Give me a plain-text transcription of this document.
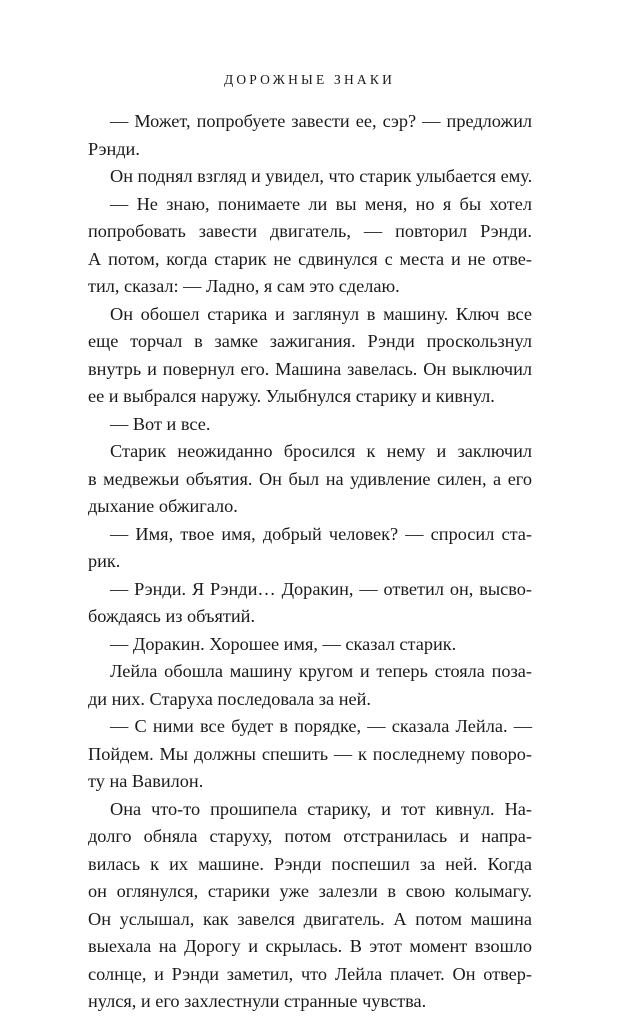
ДОРОЖНЫЕ ЗНАКИ
— Может, попробуете завести ее, сэр? — предложил
Рэнди.
Он поднял взгляд и увидел, что старик улыбается ему.
— Не знаю, понимаете ли вы меня, но я бы хотел
попробовать завести двигатель, — повторил Рэнди.
А потом, когда старик не сдвинулся с места и не отве-
тил, сказал: — Ладно, я сам это сделаю.
Он обошел старика и заглянул в машину. Ключ все
еще торчал в замке зажигания. Рэнди проскользнул
внутрь и повернул его. Машина завелась. Он выключил
ее и выбрался наружу. Улыбнулся старику и кивнул.
— Вот и все.
Старик неожиданно бросился к нему и заключил
в медвежьи объятия. Он был на удивление силен, а его
дыхание обжигало.
— Имя, твое имя, добрый человек? — спросил ста-
рик.
— Рэнди. Я Рэнди… Доракин, — ответил он, высво-
бождаясь из объятий.
— Доракин. Хорошее имя, — сказал старик.
Лейла обошла машину кругом и теперь стояла поза-
ди них. Старуха последовала за ней.
— С ними все будет в порядке, — сказала Лейла. —
Пойдем. Мы должны спешить — к последнему поворо-
ту на Вавилон.
Она что-то прошипела старику, и тот кивнул. На-
долго обняла старуху, потом отстранилась и напра-
вилась к их машине. Рэнди поспешил за ней. Когда
он оглянулся, старики уже залезли в свою колымагу.
Он услышал, как завелся двигатель. А потом машина
выехала на Дорогу и скрылась. В этот момент взошло
солнце, и Рэнди заметил, что Лейла плачет. Он отвер-
нулся, и его захлестнули странные чувства.
